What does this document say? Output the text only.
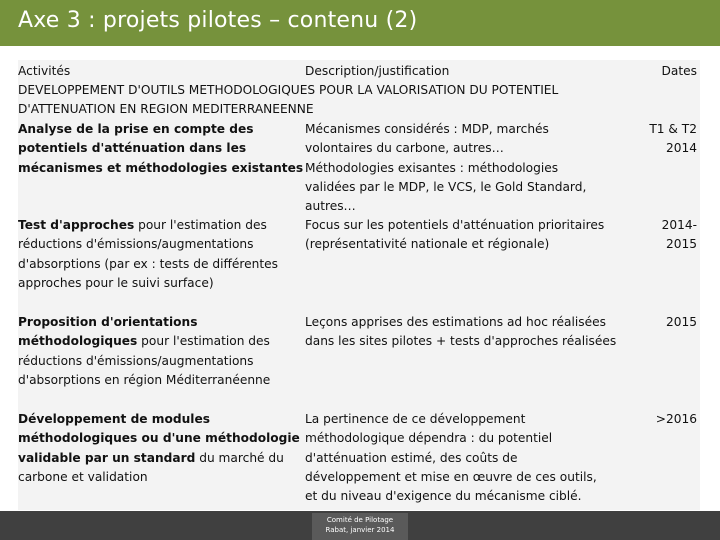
Axe 3 : projets pilotes – contenu (2)
Activités	Description/justification	Dates
DEVELOPPEMENT D'OUTILS METHODOLOGIQUES POUR LA VALORISATION DU POTENTIEL
D'ATTENUATION EN REGION MEDITERRANEENNE
Analyse de la prise en compte des
potentiels d'atténuation dans les
mécanismes et méthodologies existantes
Mécanismes considérés : MDP, marchés
volontaires du carbone, autres…
Méthodologies exisantes : méthodologies
validées par le MDP, le VCS, le Gold Standard,
autres…
T1 & T2
2014
Test d'approches pour l'estimation des
réductions d'émissions/augmentations
d'absorptions (par ex : tests de différentes
approches pour le suivi surface)
Focus sur les potentiels d'atténuation prioritaires
(représentativité nationale et régionale)
2014-
2015
Proposition d'orientations
méthodologiques pour l'estimation des
réductions d'émissions/augmentations
d'absorptions en région Méditerranéenne
Leçons apprises des estimations ad hoc réalisées
dans les sites pilotes + tests d'approches réalisées
2015
Développement de modules
méthodologiques ou d'une méthodologie
validable par un standard du marché du
carbone et validation
La pertinence de ce développement
méthodologique dépendra : du potentiel
d'atténuation estimé, des coûts de
développement et mise en œuvre de ces outils,
et du niveau d'exigence du mécanisme ciblé.
>2016
Comité de Pilotage
Rabat, janvier 2014
